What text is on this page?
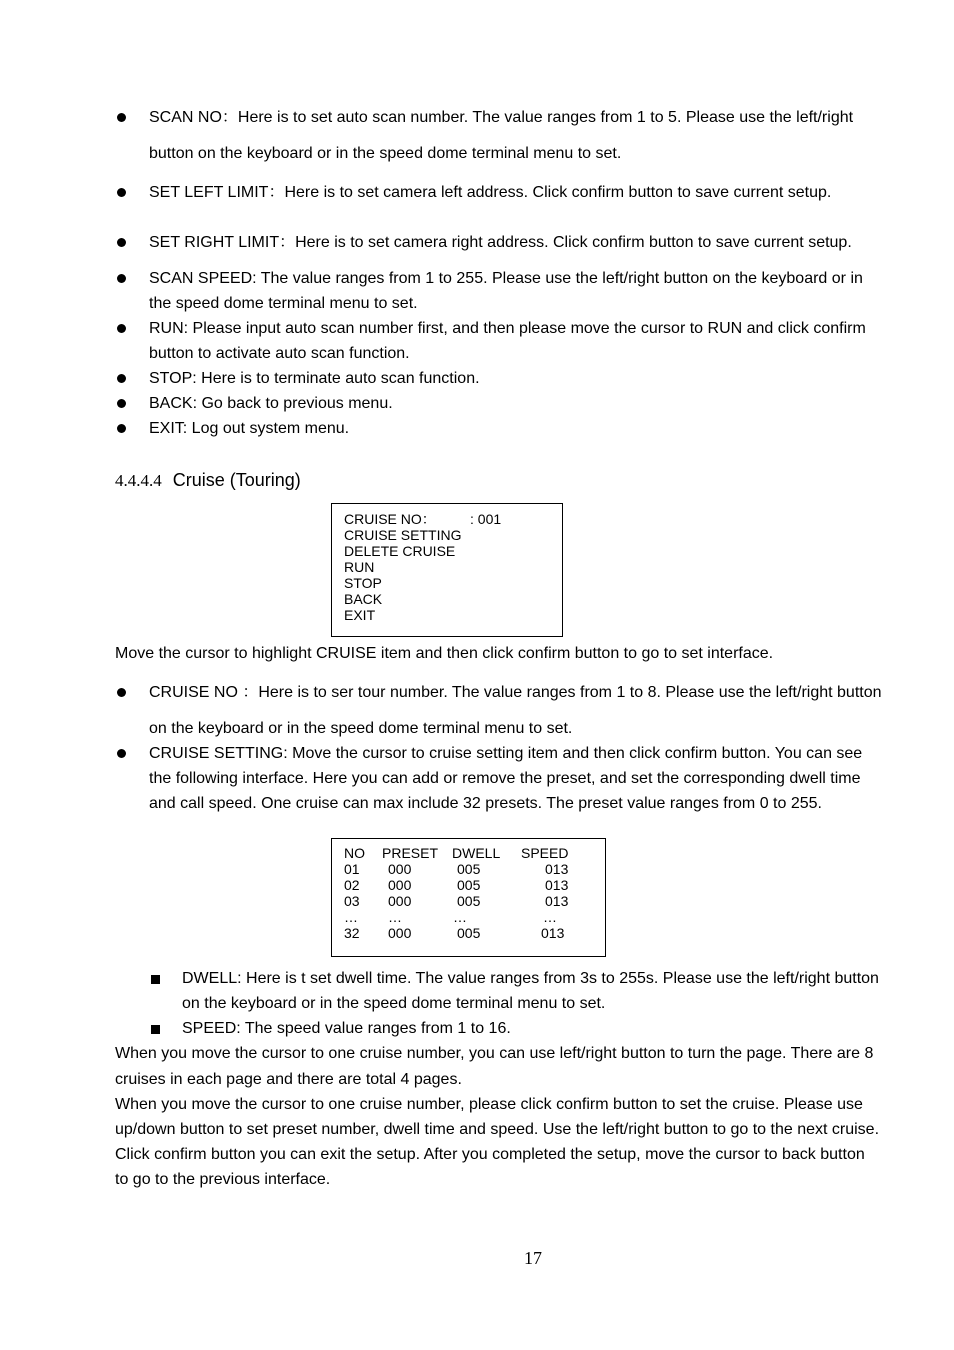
SCAN NO：Here is to set auto scan number. The value ranges from 1 to 5. Please use the left/right
button on the keyboard or in the speed dome terminal menu to set.
SET LEFT LIMIT：Here is to set camera left address. Click confirm button to save current setup.
SET RIGHT LIMIT：Here is to set camera right address. Click confirm button to save current setup.
SCAN SPEED: The value ranges from 1 to 255. Please use the left/right button on the keyboard or in
the speed dome terminal menu to set.
RUN: Please input auto scan number first, and then please move the cursor to RUN and click confirm
button to activate auto scan function.
STOP: Here is to terminate auto scan function.
BACK: Go back to previous menu.
EXIT: Log out system menu.
4.4.4.4 Cruise (Touring)
CRUISE NO： : 001
CRUISE SETTING
DELETE CRUISE
RUN
STOP
BACK
EXIT
Move the cursor to highlight CRUISE item and then click confirm button to go to set interface.
CRUISE NO ：Here is to ser tour number. The value ranges from 1 to 8. Please use the left/right button
on the keyboard or in the speed dome terminal menu to set.
CRUISE SETTING: Move the cursor to cruise setting item and then click confirm button. You can see
the following interface. Here you can add or remove the preset, and set the corresponding dwell time
and call speed. One cruise can max include 32 presets. The preset value ranges from 0 to 255.
NO PRESET DWELL SPEED
01 000	005	013
02 000	005	013
03 000	005	013
… …	…	…
32 000	005	013
DWELL: Here is t set dwell time. The value ranges from 3s to 255s. Please use the left/right button
on the keyboard or in the speed dome terminal menu to set.
SPEED: The speed value ranges from 1 to 16.
When you move the cursor to one cruise number, you can use left/right button to turn the page. There are 8
cruises in each page and there are total 4 pages.
When you move the cursor to one cruise number, please click confirm button to set the cruise. Please use
up/down button to set preset number, dwell time and speed. Use the left/right button to go to the next cruise.
Click confirm button you can exit the setup. After you completed the setup, move the cursor to back button
to go to the previous interface.
17
